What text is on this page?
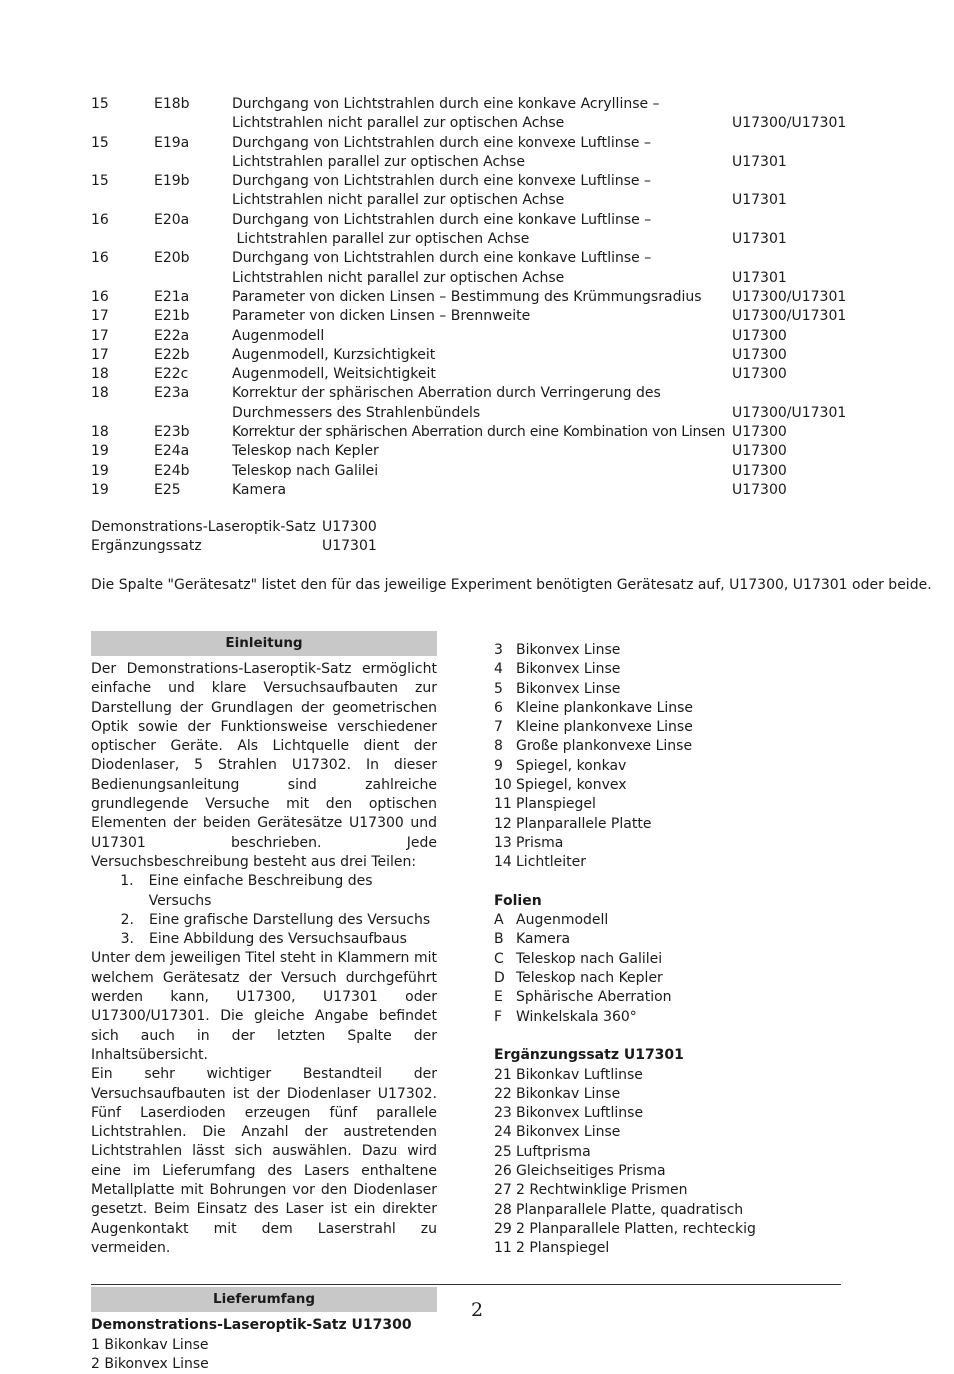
15	E18b	Durchgang von Lichtstrahlen durch eine konkave Acryllinse –
Lichtstrahlen nicht parallel zur optischen Achse	U17300/U17301
15	E19a	Durchgang von Lichtstrahlen durch eine konvexe Luftlinse –
Lichtstrahlen parallel zur optischen Achse	U17301
15	E19b	Durchgang von Lichtstrahlen durch eine konvexe Luftlinse –
Lichtstrahlen nicht parallel zur optischen Achse	U17301
16	E20a	Durchgang von Lichtstrahlen durch eine konkave Luftlinse –
Lichtstrahlen parallel zur optischen Achse	U17301
16	E20b	Durchgang von Lichtstrahlen durch eine konkave Luftlinse –
Lichtstrahlen nicht parallel zur optischen Achse	U17301
16	E21a	Parameter von dicken Linsen – Bestimmung des Krümmungsradius	U17300/U17301
17	E21b	Parameter von dicken Linsen – Brennweite	U17300/U17301
17	E22a	Augenmodell	U17300
17	E22b	Augenmodell, Kurzsichtigkeit	U17300
18	E22c	Augenmodell, Weitsichtigkeit	U17300
18	E23a	Korrektur der sphärischen Aberration durch Verringerung des
Durchmessers des Strahlenbündels	U17300/U17301
18	E23b	Korrektur der sphärischen Aberration durch eine Kombination von Linsen U17300
19	E24a	Teleskop nach Kepler	U17300
19	E24b	Teleskop nach Galilei	U17300
19	E25	Kamera	U17300
Demonstrations-Laseroptik-Satz U17300
Ergänzungssatz	U17301
Die Spalte "Gerätesatz" listet den für das jeweilige Experiment benötigten Gerätesatz auf, U17300, U17301 oder beide.
Einleitung
Der Demonstrations-Laseroptik-Satz ermöglicht einfache und klare Versuchsaufbauten zur Darstellung der Grundlagen der geometrischen Optik sowie der Funktionsweise verschiedener optischer Geräte. Als Lichtquelle dient der Diodenlaser, 5 Strahlen U17302. In dieser Bedienungsanleitung sind zahlreiche grundlegende Versuche mit den optischen Elementen der beiden Gerätesätze U17300 und U17301 beschrieben. Jede Versuchsbeschreibung besteht aus drei Teilen:
1.	Eine einfache Beschreibung des Versuchs
2.	Eine grafische Darstellung des Versuchs
3.	Eine Abbildung des Versuchsaufbaus
Unter dem jeweiligen Titel steht in Klammern mit welchem Gerätesatz der Versuch durchgeführt werden kann, U17300, U17301 oder U17300/U17301. Die gleiche Angabe befindet sich auch in der letzten Spalte der Inhaltsübersicht.
Ein sehr wichtiger Bestandteil der Versuchsaufbauten ist der Diodenlaser U17302. Fünf Laserdioden erzeugen fünf parallele Lichtstrahlen. Die Anzahl der austretenden Lichtstrahlen lässt sich auswählen. Dazu wird eine im Lieferumfang des Lasers enthaltene Metallplatte mit Bohrungen vor den Diodenlaser gesetzt. Beim Einsatz des Laser ist ein direkter Augenkontakt mit dem Laserstrahl zu vermeiden.
Lieferumfang
Demonstrations-Laseroptik-Satz U17300
1 Bikonkav Linse
2 Bikonvex Linse
3 Bikonvex Linse
4 Bikonvex Linse
5 Bikonvex Linse
6 Kleine plankonkave Linse
7 Kleine plankonvexe Linse
8 Große plankonvexe Linse
9 Spiegel, konkav
10 Spiegel, konvex
11 Planspiegel
12 Planparallele Platte
13 Prisma
14 Lichtleiter
Folien
A Augenmodell
B Kamera
C Teleskop nach Galilei
D Teleskop nach Kepler
E Sphärische Aberration
F Winkelskala 360°
Ergänzungssatz U17301
21 Bikonkav Luftlinse
22 Bikonkav Linse
23 Bikonvex Luftlinse
24 Bikonvex Linse
25 Luftprisma
26 Gleichseitiges Prisma
27 2 Rechtwinklige Prismen
28 Planparallele Platte, quadratisch
29 2 Planparallele Platten, rechteckig
11 2 Planspiegel
2
